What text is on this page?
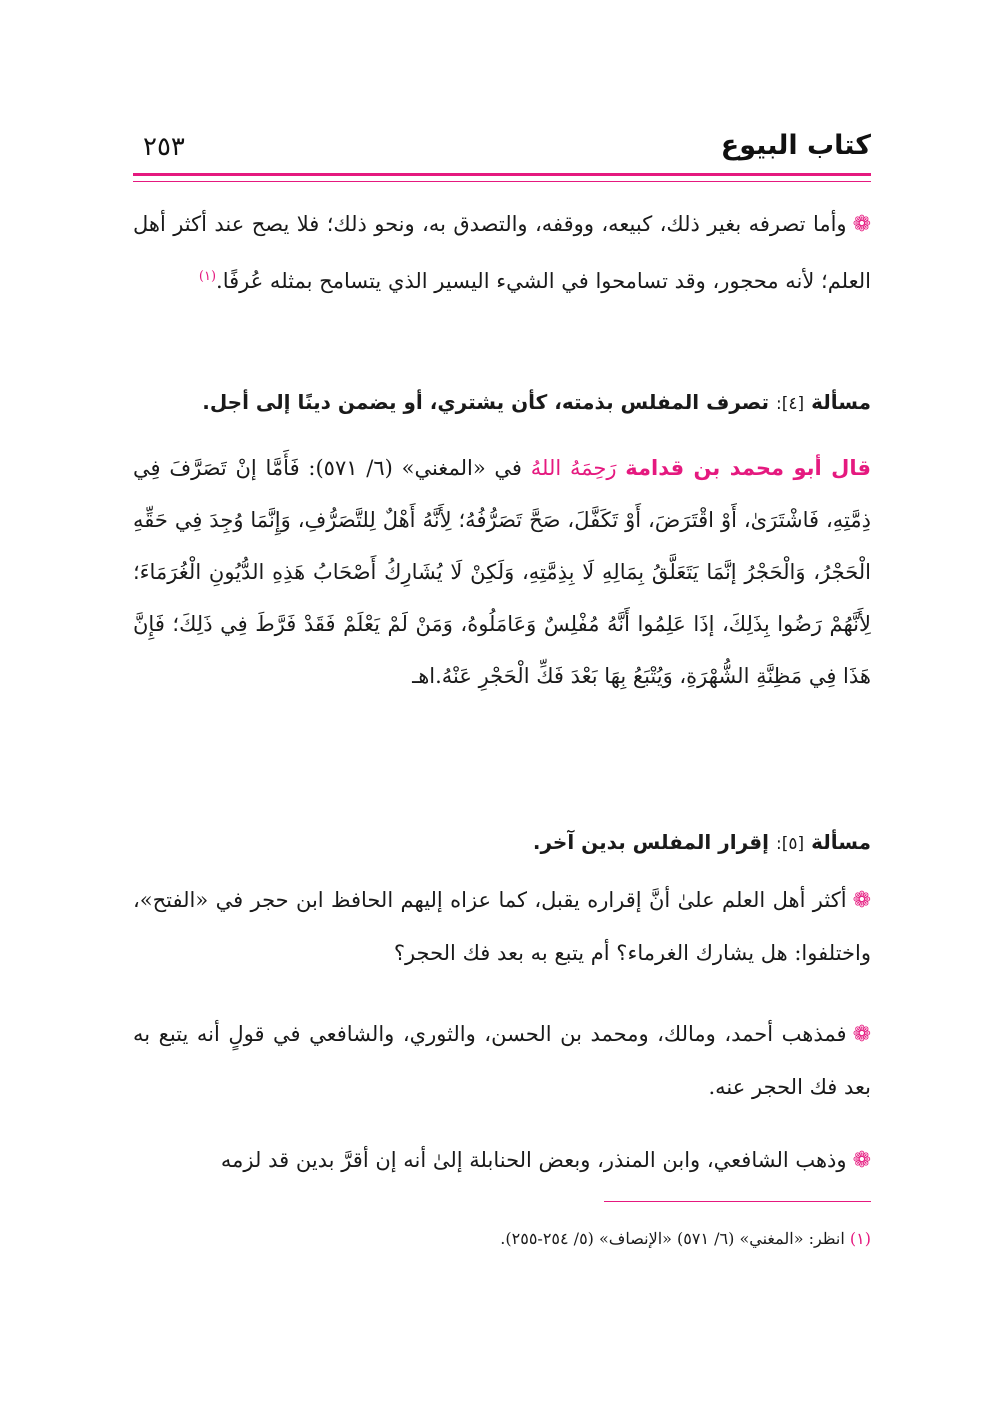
كتاب البيوع
٢٥٣
❁وأما تصرفه بغير ذلك، كبيعه، ووقفه، والتصدق به، ونحو ذلك؛ فلا يصح عند أكثر أهل العلم؛ لأنه محجور، وقد تسامحوا في الشيء اليسير الذي يتسامح بمثله عُرفًا.$^{(١)}$
مسألة [٤]: تصرف المفلس بذمته، كأن يشتري، أو يضمن دينًا إلى أجل.
قال أبو محمد بن قدامة رَحِمَهُ اللهُ في «المغني» (٦/ ٥٧١): فَأَمَّا إنْ تَصَرَّفَ فِي ذِمَّتِهِ، فَاشْتَرَىٰ، أَوْ اقْتَرَضَ، أَوْ تَكَفَّلَ، صَحَّ تَصَرُّفُهُ؛ لِأَنَّهُ أَهْلٌ لِلتَّصَرُّفِ، وَإِنَّمَا وُجِدَ فِي حَقِّهِ الْحَجْرُ، وَالْحَجْرُ إنَّمَا يَتَعَلَّقُ بِمَالِهِ لَا بِذِمَّتِهِ، وَلَكِنْ لَا يُشَارِكُ أَصْحَابُ هَذِهِ الدُّيُونِ الْغُرَمَاءَ؛ لِأَنَّهُمْ رَضُوا بِذَلِكَ، إذَا عَلِمُوا أَنَّهُ مُفْلِسٌ وَعَامَلُوهُ، وَمَنْ لَمْ يَعْلَمْ فَقَدْ فَرَّطَ فِي ذَلِكَ؛ فَإِنَّ هَذَا فِي مَظِنَّةِ الشُّهْرَةِ، وَيُتْبَعُ بِهَا بَعْدَ فَكِّ الْحَجْرِ عَنْهُ.اهـ
مسألة [٥]: إقرار المفلس بدين آخر.
❁أكثر أهل العلم علىٰ أنَّ إقراره يقبل، كما عزاه إليهم الحافظ ابن حجر في «الفتح»، واختلفوا: هل يشارك الغرماء؟ أم يتبع به بعد فك الحجر؟
❁فمذهب أحمد، ومالك، ومحمد بن الحسن، والثوري، والشافعي في قولٍ أنه يتبع به بعد فك الحجر عنه.
❁وذهب الشافعي، وابن المنذر، وبعض الحنابلة إلىٰ أنه إن أقرَّ بدين قد لزمه
(١) انظر: «المغني» (٦/ ٥٧١) «الإنصاف» (٥/ ٢٥٤-٢٥٥).
